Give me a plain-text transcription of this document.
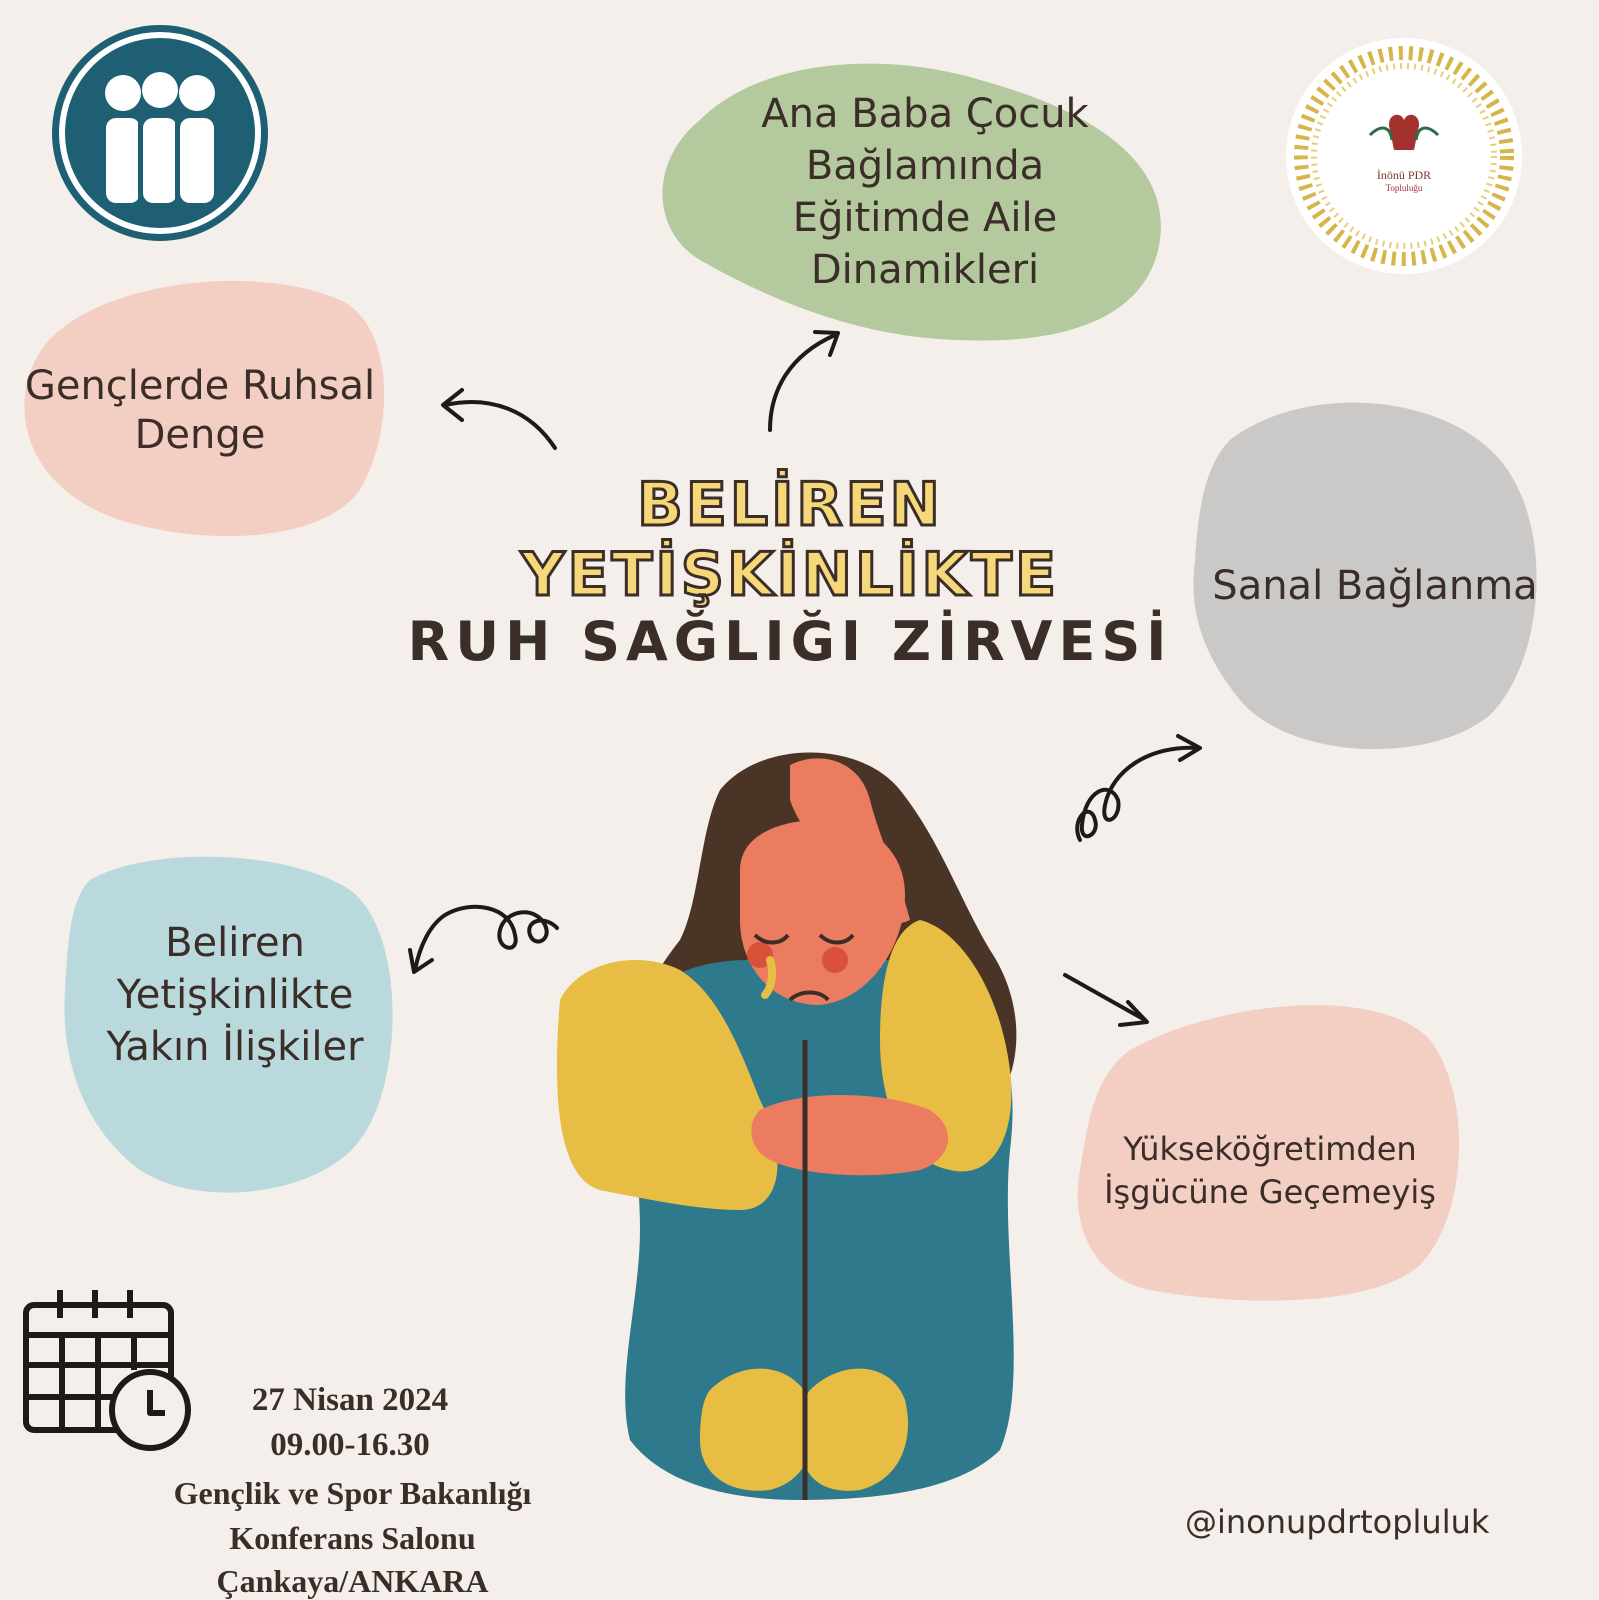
İnönü PDR
Topluluğu
Gençlerde Ruhsal
Denge
Ana Baba Çocuk
Bağlamında
Eğitimde Aile
Dinamikleri
Sanal Bağlanma
Beliren
Yetişkinlikte
Yakın İlişkiler
Yükseköğretimden
İşgücüne Geçemeyiş
BELİREN YETİŞKİNLİKTE
RUH SAĞLIĞI ZİRVESİ
27 Nisan 2024
09.00-16.30
Gençlik ve Spor Bakanlığı
Konferans Salonu
Çankaya/ANKARA
@inonupdrtopluluk
